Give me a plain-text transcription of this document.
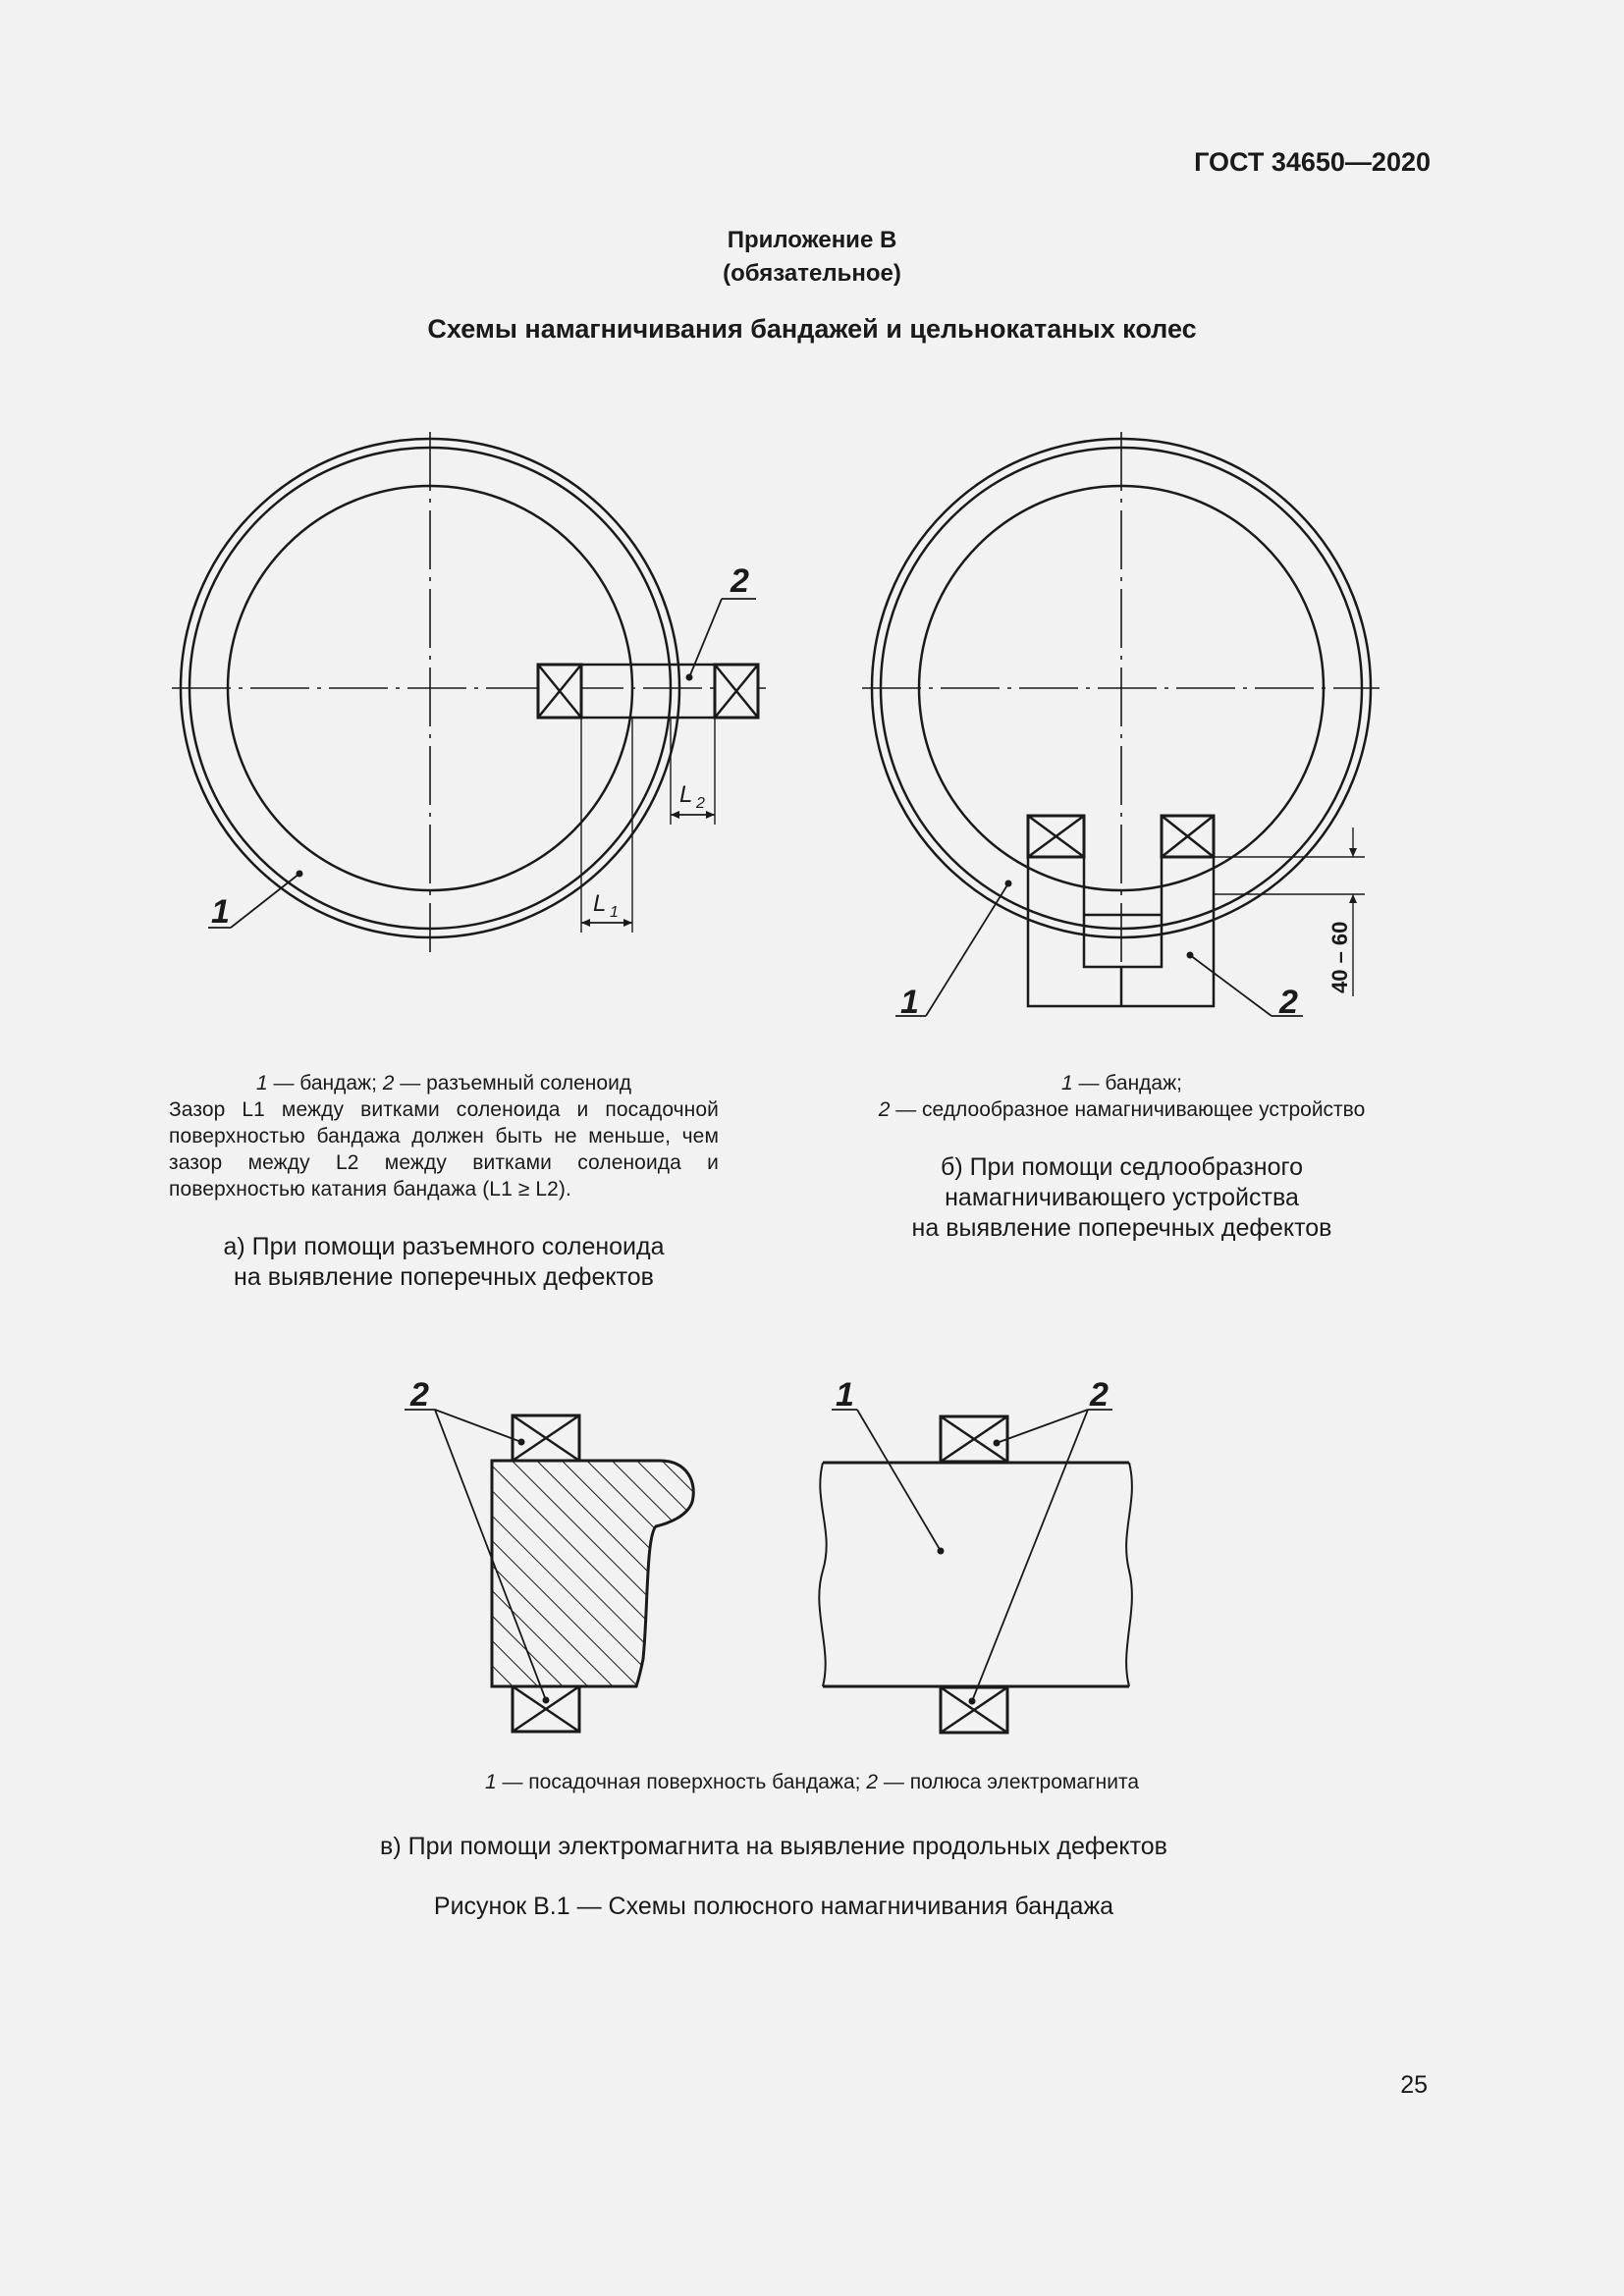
ГОСТ 34650—2020
Приложение В
(обязательное)
Схемы намагничивания бандажей и цельнокатаных колес
1
2
L 1
L 2
1	2
40 – 60
2	1	2
1 — бандаж; 2 — разъемный соленоид
Зазор L1 между витками соленоида и посадочной поверхностью бандажа должен быть не меньше, чем зазор между L2 между витками соленоида и поверхностью катания бандажа (L1 ≥ L2).
а) При помощи разъемного соленоида
на выявление поперечных дефектов
1 — бандаж;
2 — седлообразное намагничивающее устройство
б) При помощи седлообразного
намагничивающего устройства
на выявление поперечных дефектов
1 — посадочная поверхность бандажа; 2 — полюса электромагнита
в) При помощи электромагнита на выявление продольных дефектов
Рисунок В.1 — Схемы полюсного намагничивания бандажа
25
